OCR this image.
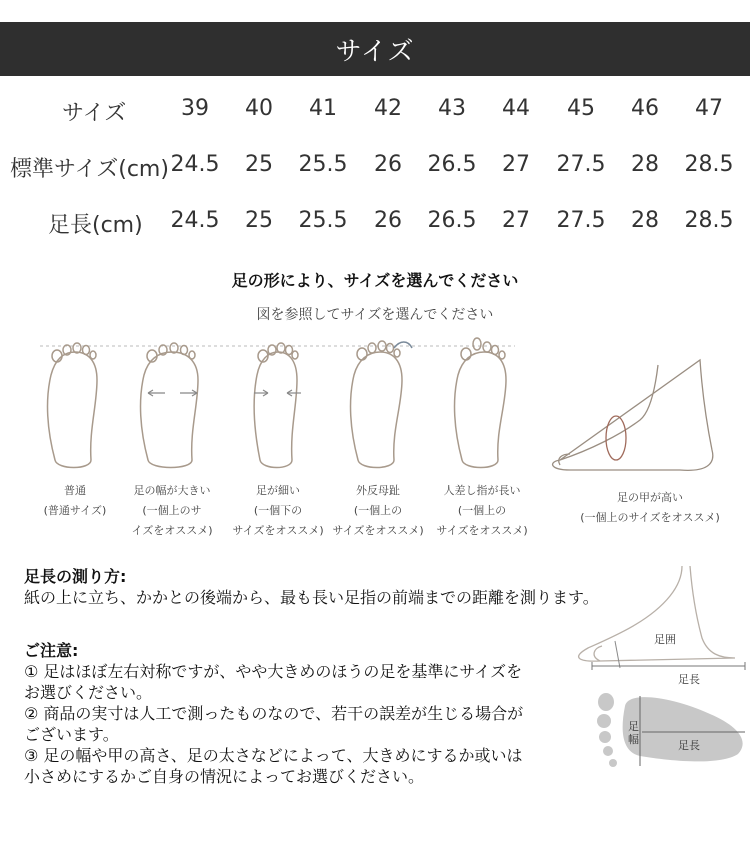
サイズ
サイズ	39	40	41	42	43	44	45	46	47
標準サイズ(cm) 24.5	25	25.5	26	26.5	27	27.5	28	28.5
足長(cm)	24.5	25	25.5	26	26.5	27	27.5	28	28.5
足の形により、サイズを選んでください
図を参照してサイズを選んでください
普通
(普通サイズ)
足の幅が大きい
(一個上のサ
イズをオススメ)
足が細い
(一個下の
サイズをオススメ)
外反母趾
(一個上の
サイズをオススメ)
人差し指が長い
(一個上の
サイズをオススメ)
足の甲が高い
(一個上のサイズをオススメ)
足長の測り方:
紙の上に立ち、かかとの後端から、最も長い足指の前端までの距離を測ります。
足囲
足長
足幅	足長
ご注意:
① 足はほぼ左右対称ですが、やや大きめのほうの足を基準にサイズを
お選びください。
② 商品の実寸は人工で測ったものなので、若干の誤差が生じる場合が
ございます。
③ 足の幅や甲の高さ、足の太さなどによって、大きめにするか或いは
小さめにするかご自身の情況によってお選びください。
